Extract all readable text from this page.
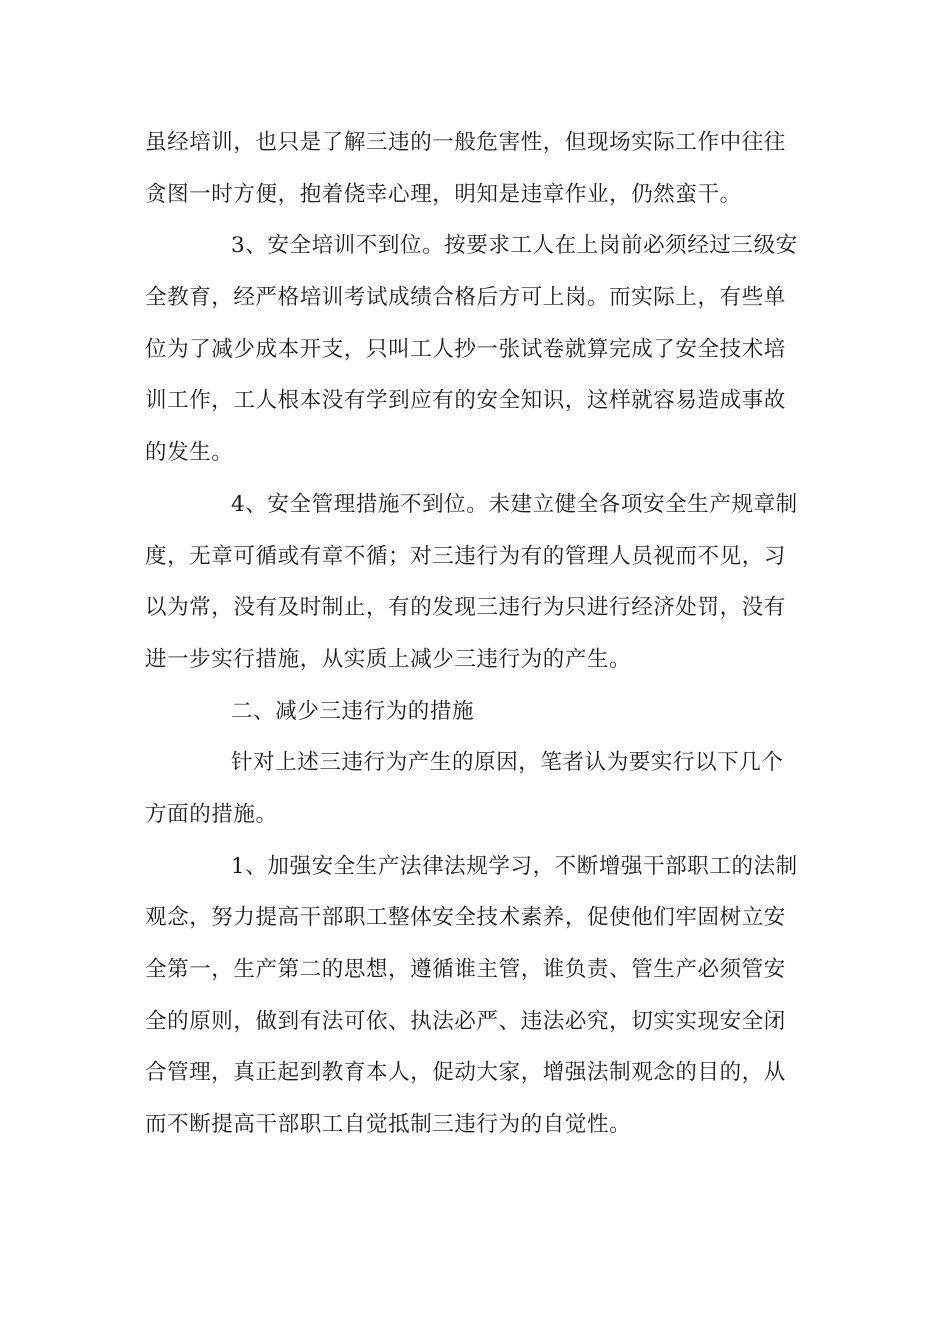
虽经培训，也只是了解三违的一般危害性，但现场实际工作中往往
贪图一时方便，抱着侥幸心理，明知是违章作业，仍然蛮干。
3、安全培训不到位。按要求工人在上岗前必须经过三级安
全教育，经严格培训考试成绩合格后方可上岗。而实际上，有些单
位为了减少成本开支，只叫工人抄一张试卷就算完成了安全技术培
训工作，工人根本没有学到应有的安全知识，这样就容易造成事故
的发生。
4、安全管理措施不到位。未建立健全各项安全生产规章制
度，无章可循或有章不循；对三违行为有的管理人员视而不见，习
以为常，没有及时制止，有的发现三违行为只进行经济处罚，没有
进一步实行措施，从实质上减少三违行为的产生。
二、减少三违行为的措施
针对上述三违行为产生的原因，笔者认为要实行以下几个
方面的措施。
1、加强安全生产法律法规学习，不断增强干部职工的法制
观念，努力提高干部职工整体安全技术素养，促使他们牢固树立安
全第一，生产第二的思想，遵循谁主管，谁负责、管生产必须管安
全的原则，做到有法可依、执法必严、违法必究，切实实现安全闭
合管理，真正起到教育本人，促动大家，增强法制观念的目的，从
而不断提高干部职工自觉抵制三违行为的自觉性。
